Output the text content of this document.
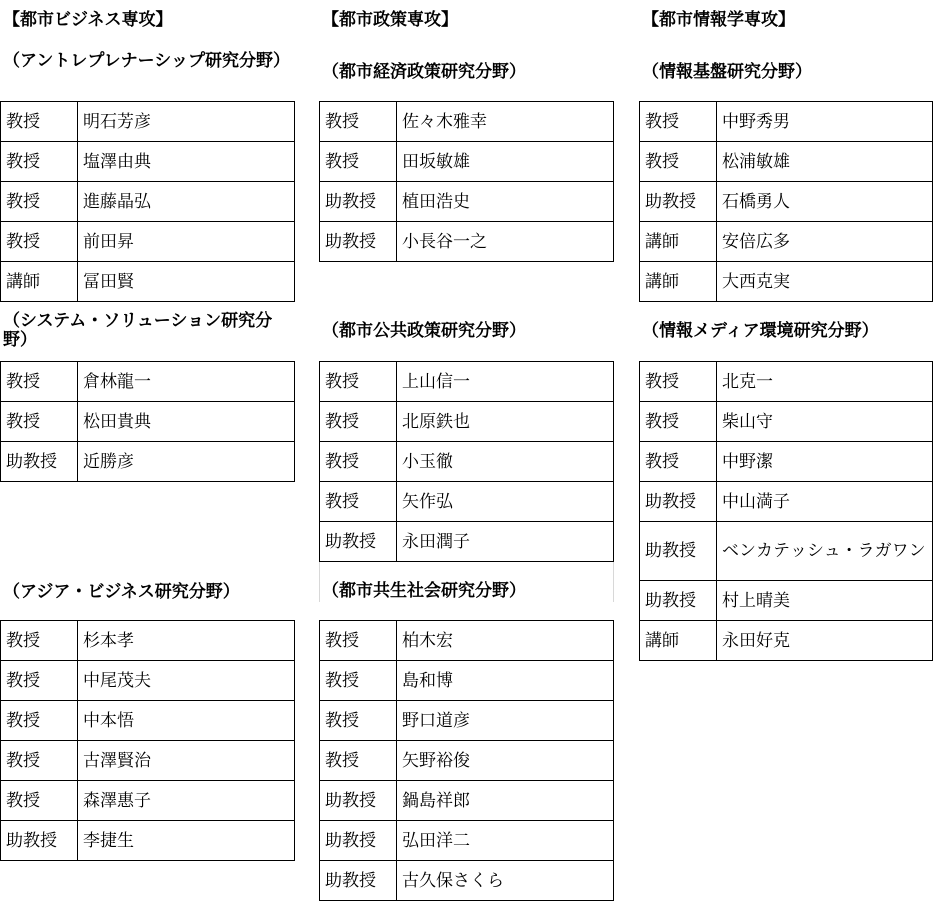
【都市ビジネス専攻】
（アントレプレナーシップ研究分野）
教授	明石芳彦
教授	塩澤由典
教授	進藤晶弘
教授	前田昇
講師	冨田賢
（システム・ソリューション研究分野）
教授	倉林龍一
教授	松田貴典
助教授	近勝彦
（アジア・ビジネス研究分野）
教授	杉本孝
教授	中尾茂夫
教授	中本悟
教授	古澤賢治
教授	森澤惠子
助教授	李捷生
【都市政策専攻】
（都市経済政策研究分野）
教授	佐々木雅幸
教授	田坂敏雄
助教授	植田浩史
助教授	小長谷一之
（都市公共政策研究分野）
教授	上山信一
教授	北原鉄也
教授	小玉徹
教授	矢作弘
助教授	永田潤子
（都市共生社会研究分野）
教授	柏木宏
教授	島和博
教授	野口道彦
教授	矢野裕俊
助教授	鍋島祥郎
助教授	弘田洋二
助教授	古久保さくら
【都市情報学専攻】
（情報基盤研究分野）
教授	中野秀男
教授	松浦敏雄
助教授	石橋勇人
講師	安倍広多
講師	大西克実
（情報メディア環境研究分野）
教授	北克一
教授	柴山守
教授	中野潔
助教授	中山満子
助教授	ベンカテッシュ・ラガワン
助教授	村上晴美
講師	永田好克
